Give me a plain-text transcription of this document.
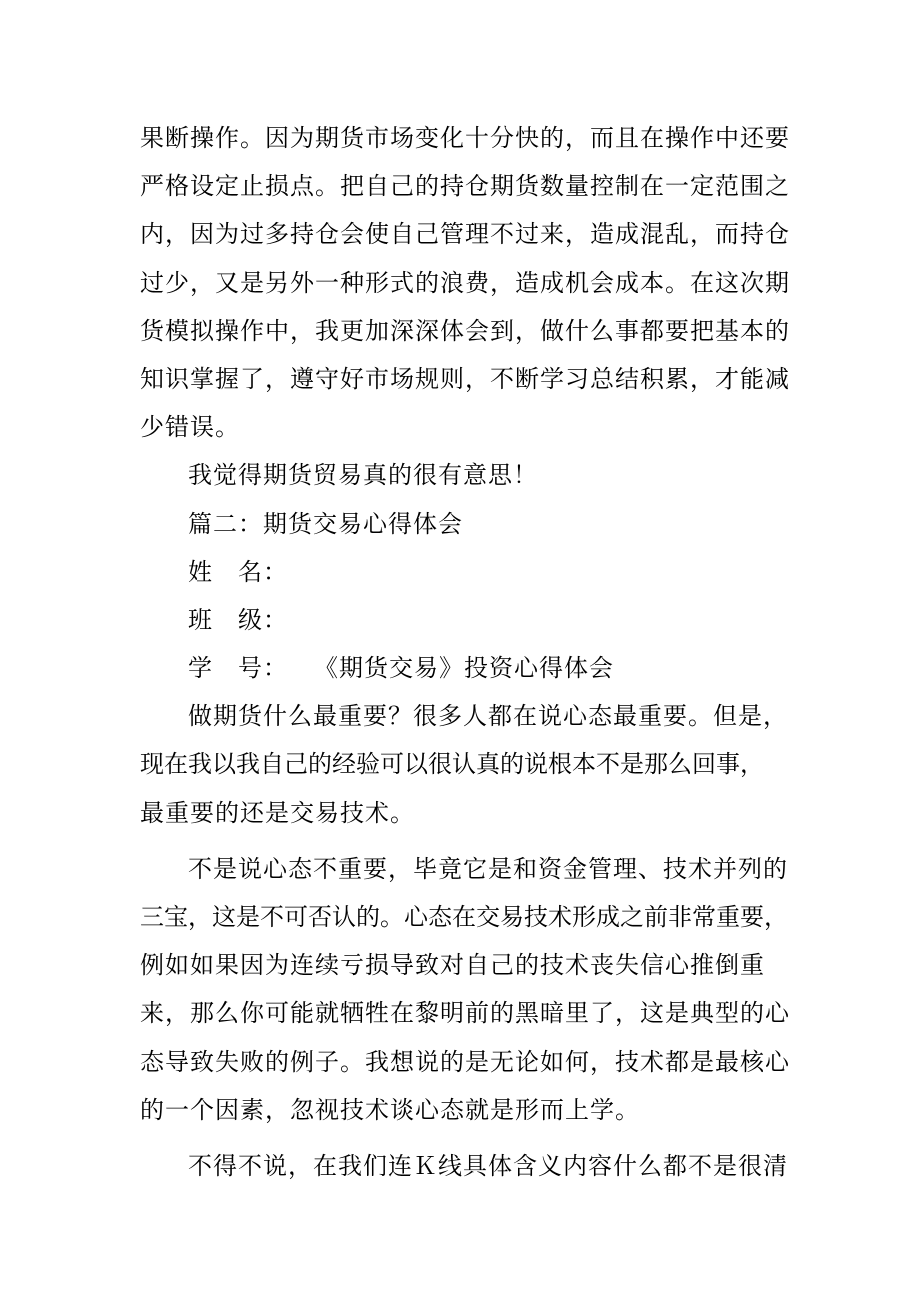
果断操作。因为期货市场变化十分快的，而且在操作中还要
严格设定止损点。把自己的持仓期货数量控制在一定范围之
内，因为过多持仓会使自己管理不过来，造成混乱，而持仓
过少，又是另外一种形式的浪费，造成机会成本。在这次期
货模拟操作中，我更加深深体会到，做什么事都要把基本的
知识掌握了，遵守好市场规则，不断学习总结积累，才能减
少错误。
我觉得期货贸易真的很有意思！
篇二：期货交易心得体会
姓　名：
班　级：
学　号：　　《期货交易》投资心得体会
做期货什么最重要？很多人都在说心态最重要。但是，
现在我以我自己的经验可以很认真的说根本不是那么回事，
最重要的还是交易技术。
不是说心态不重要，毕竟它是和资金管理、技术并列的
三宝，这是不可否认的。心态在交易技术形成之前非常重要，
例如如果因为连续亏损导致对自己的技术丧失信心推倒重
来，那么你可能就牺牲在黎明前的黑暗里了，这是典型的心
态导致失败的例子。我想说的是无论如何，技术都是最核心
的一个因素，忽视技术谈心态就是形而上学。
不得不说，在我们连Ｋ线具体含义内容什么都不是很清
